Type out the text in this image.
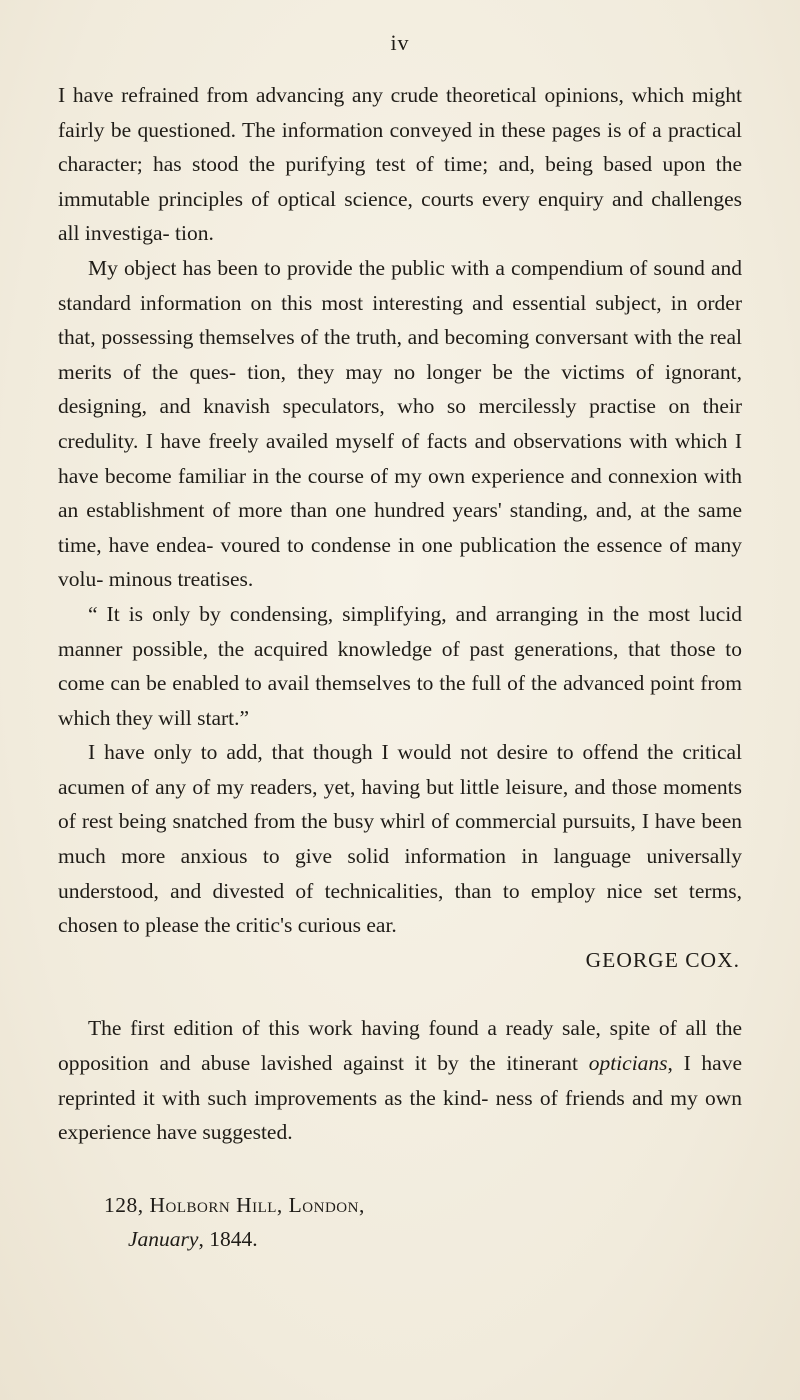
iv

I have refrained from advancing any crude theoretical opinions, which might fairly be questioned. The information conveyed in these pages is of a practical character; has stood the purifying test of time; and, being based upon the immutable principles of optical science, courts every enquiry and challenges all investiga- tion.

My object has been to provide the public with a compendium of sound and standard information on this most interesting and essential subject, in order that, possessing themselves of the truth, and becoming conversant with the real merits of the ques- tion, they may no longer be the victims of ignorant, designing, and knavish speculators, who so mercilessly practise on their credulity. I have freely availed myself of facts and observations with which I have become familiar in the course of my own experience and connexion with an establishment of more than one hundred years' standing, and, at the same time, have endea- voured to condense in one publication the essence of many volu- minous treatises.

“ It is only by condensing, simplifying, and arranging in the most lucid manner possible, the acquired knowledge of past generations, that those to come can be enabled to avail themselves to the full of the advanced point from which they will start.”

I have only to add, that though I would not desire to offend the critical acumen of any of my readers, yet, having but little leisure, and those moments of rest being snatched from the busy whirl of commercial pursuits, I have been much more anxious to give solid information in language universally understood, and divested of technicalities, than to employ nice set terms, chosen to please the critic's curious ear.

GEORGE COX.

The first edition of this work having found a ready sale, spite of all the opposition and abuse lavished against it by the itinerant opticians, I have reprinted it with such improvements as the kind- ness of friends and my own experience have suggested.

128, Holborn Hill, London,
January, 1844.
